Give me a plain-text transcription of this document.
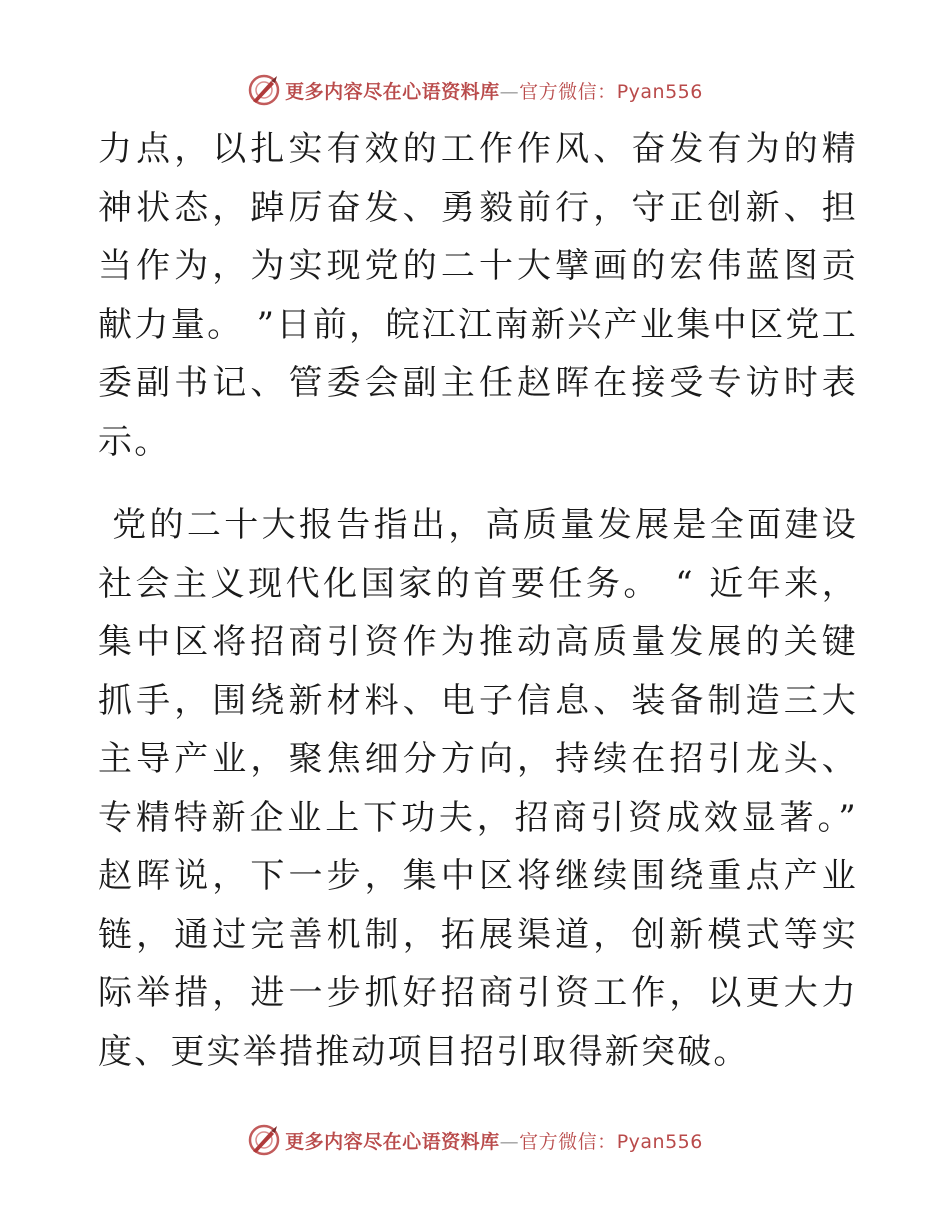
更多内容尽在心语资料库—官方微信：Pyan556

力点，以扎实有效的工作作风、奋发有为的精神状态，踔厉奋发、勇毅前行，守正创新、担当作为，为实现党的二十大擘画的宏伟蓝图贡献力量。 ”日前，皖江江南新兴产业集中区党工委副书记、管委会副主任赵晖在接受专访时表示。

党的二十大报告指出，高质量发展是全面建设社会主义现代化国家的首要任务。 “ 近年来，集中区将招商引资作为推动高质量发展的关键抓手，围绕新材料、电子信息、装备制造三大主导产业，聚焦细分方向，持续在招引龙头、专精特新企业上下功夫，招商引资成效显著。” 赵晖说，下一步，集中区将继续围绕重点产业链，通过完善机制，拓展渠道，创新模式等实际举措，进一步抓好招商引资工作，以更大力度、更实举措推动项目招引取得新突破。

更多内容尽在心语资料库—官方微信：Pyan556
